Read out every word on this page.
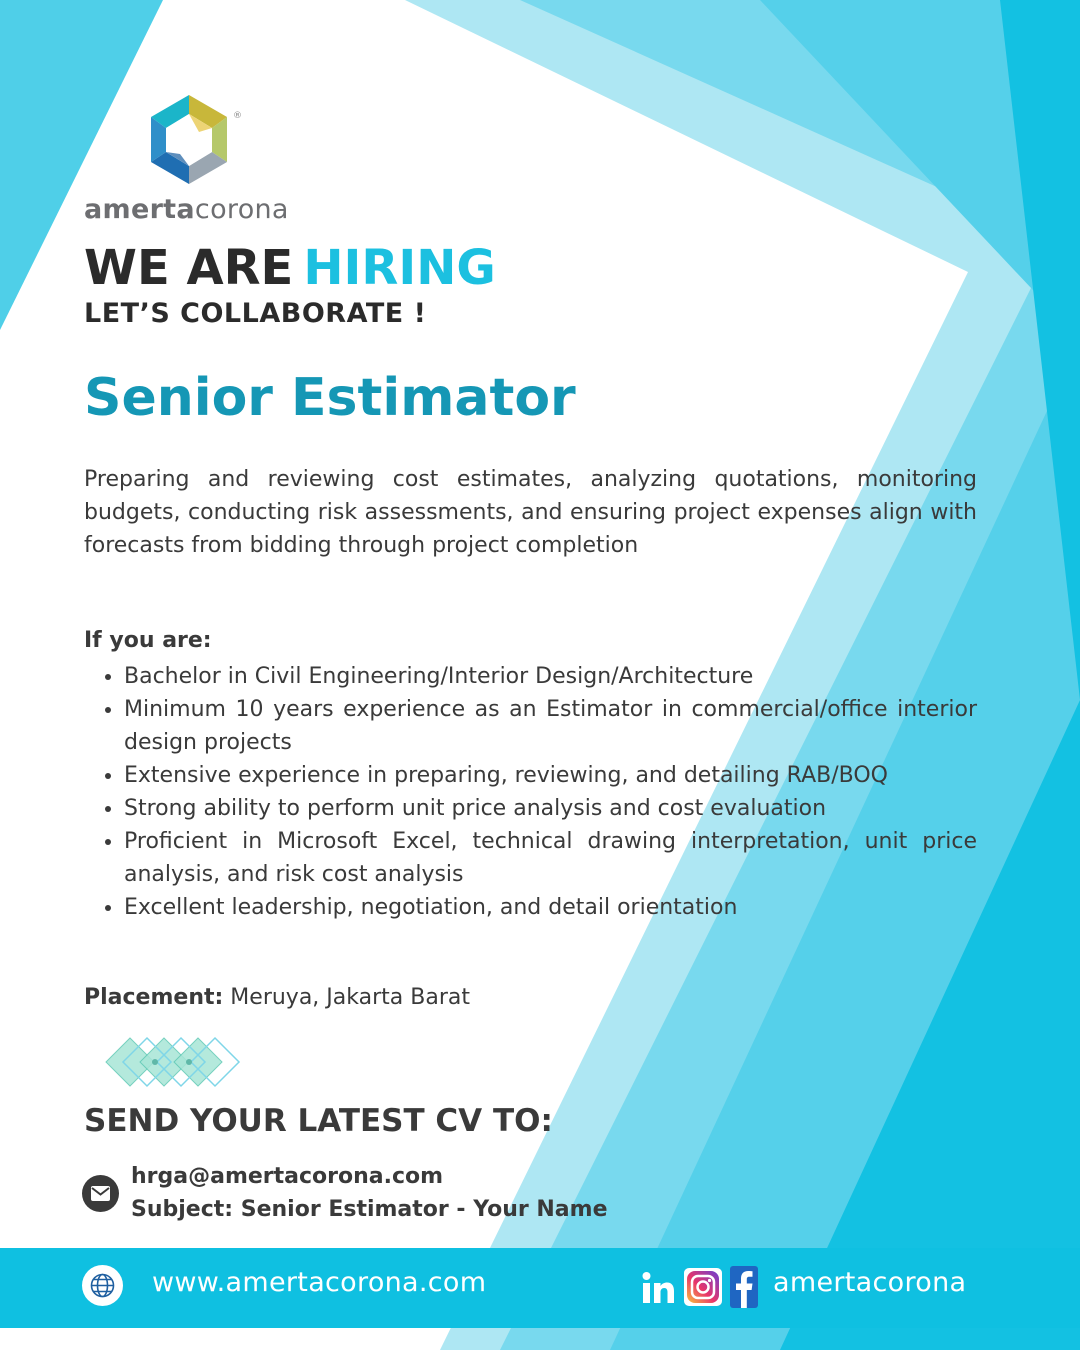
®
amertacorona
WE ARE HIRING
LET’S COLLABORATE !
Senior Estimator
Preparing and reviewing cost estimates, analyzing quotations, monitoring budgets, conducting risk assessments, and ensuring project expenses align with forecasts from bidding through project completion
If you are:
• Bachelor in Civil Engineering/Interior Design/Architecture
• Minimum 10 years experience as an Estimator in commercial/office interior design projects
• Extensive experience in preparing, reviewing, and detailing RAB/BOQ
• Strong ability to perform unit price analysis and cost evaluation
• Proficient in Microsoft Excel, technical drawing interpretation, unit price analysis, and risk cost analysis
• Excellent leadership, negotiation, and detail orientation
Placement: Meruya, Jakarta Barat
SEND YOUR LATEST CV TO:
hrga@amertacorona.com
Subject: Senior Estimator - Your Name
www.amertacorona.com	amertacorona
